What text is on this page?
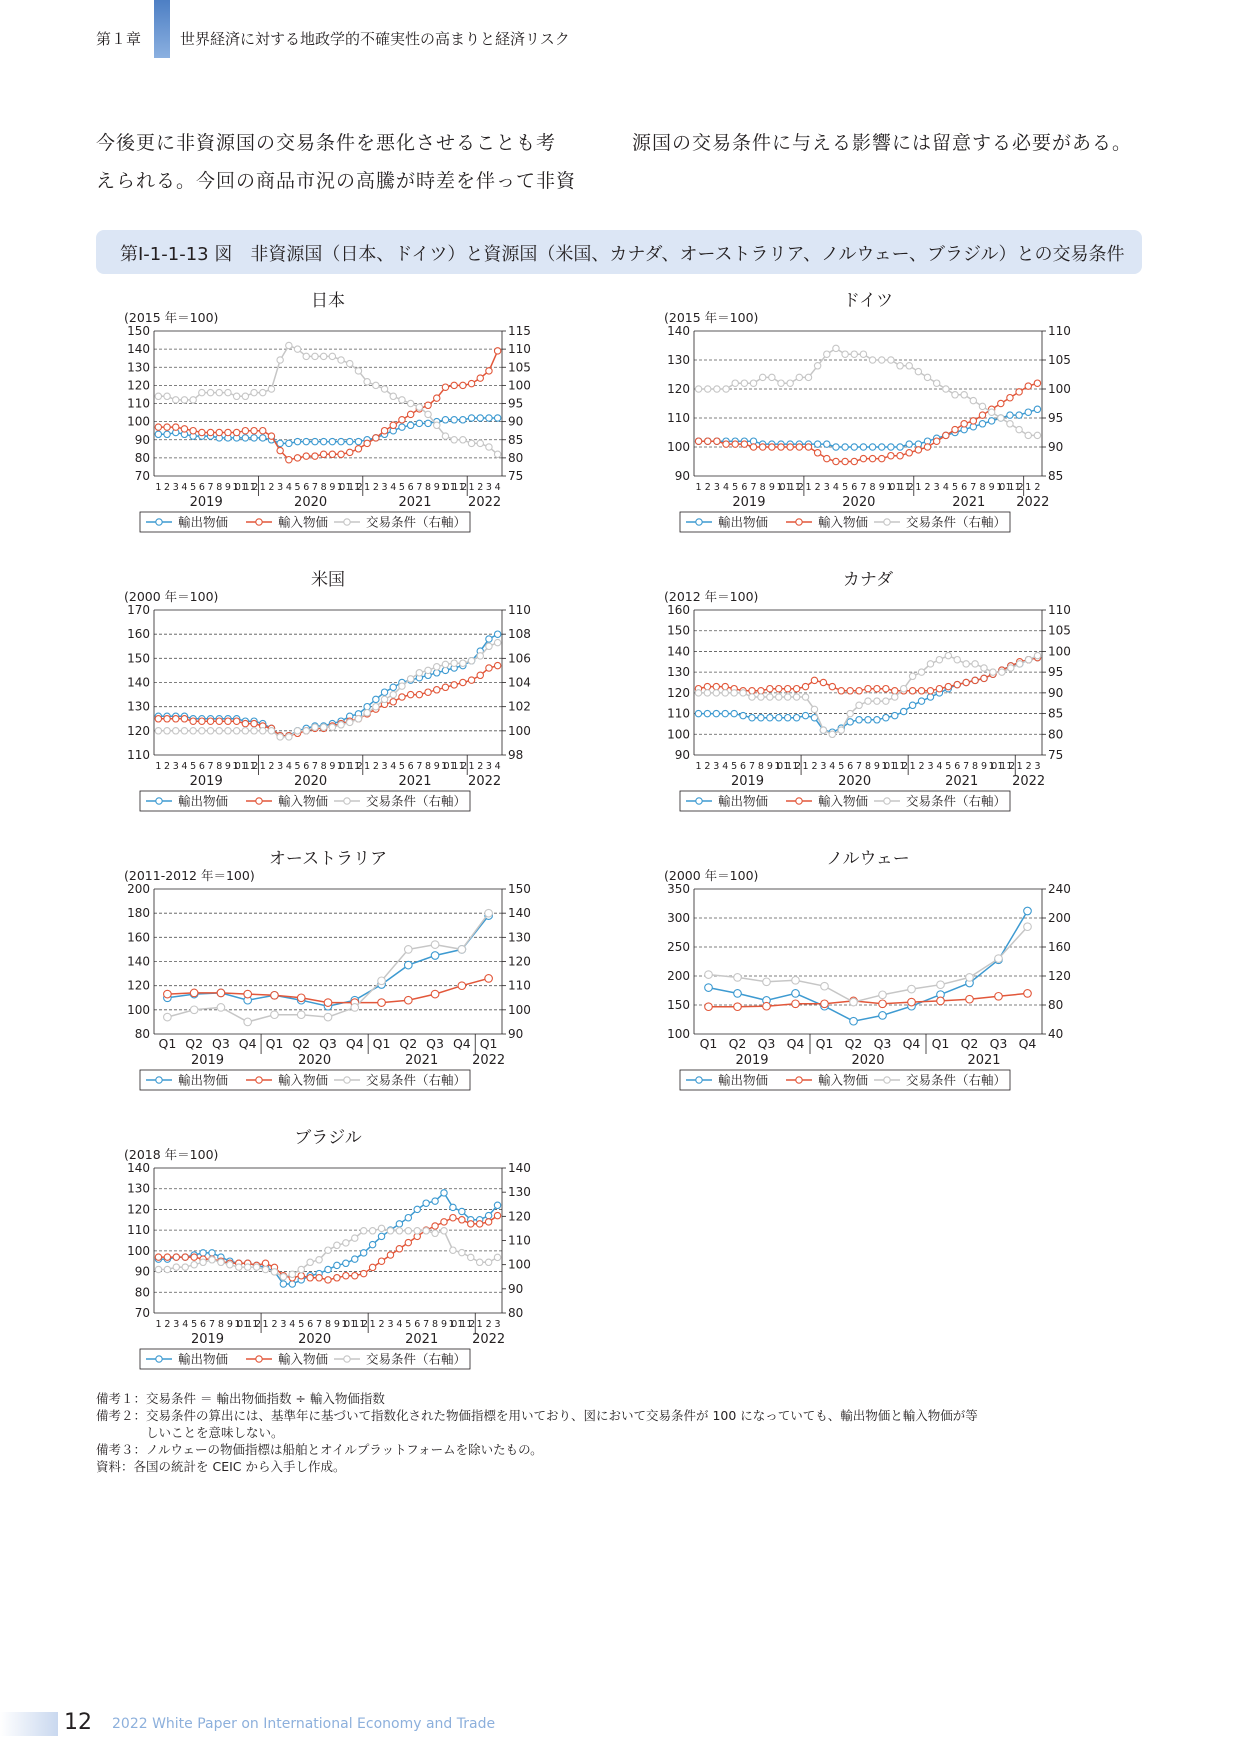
第１章	世界経済に対する地政学的不確実性の高まりと経済リスク
今後更に非資源国の交易条件を悪化させることも考
えられる。今回の商品市況の高騰が時差を伴って非資
源国の交易条件に与える影響には留意する必要がある。
第Ⅰ-1-1-13 図　非資源国（日本、ドイツ）と資源国（米国、カナダ、オーストラリア、ノルウェー、ブラジル）との交易条件
日本
(2015 年＝100)
150
140
130
120
110
100
90
80
70
115
110
105
100
95
90
85
80
75
1 2 3 4 5 6 7 8 9 10 11 12 1 2 3 4 5 6 7 8 9 10 11 12 1 2 3 4 5 6 7 8 9 10 11 12 1 2 3 4
2019	2020	2021	2022
輸出物価	輸入物価	交易条件（右軸）
ドイツ
(2015 年＝100)
140
130
120
110
100
90
110
105
100
95
90
85
1 2 3 4 5 6 7 8 9 10 11 12 1 2 3 4 5 6 7 8 9 10 11 12 1 2 3 4 5 6 7 8 9 10 11 12 1 2
2019	2020	2021 2022
輸出物価	輸入物価	交易条件（右軸）
米国
(2000 年＝100)
170
160
150
140
130
120
110
110
108
106
104
102
100
98
1 2 3 4 5 6 7 8 9 10 11 12 1 2 3 4 5 6 7 8 9 10 11 12 1 2 3 4 5 6 7 8 9 10 11 12 1 2 3 4
2019	2020	2021	2022
輸出物価	輸入物価	交易条件（右軸）
カナダ
(2012 年＝100)
160
150
140
130
120
110
100
90
110
105
100
95
90
85
80
75
1 2 3 4 5 6 7 8 9 10 11 12 1 2 3 4 5 6 7 8 9 10 11 12 1 2 3 4 5 6 7 8 9 10 11 12 1 2 3
2019	2020	2021	2022
輸出物価	輸入物価	交易条件（右軸）
オーストラリア
(2011-2012 年＝100)
200
180
160
140
120
100
80
150
140
130
120
110
100
90
Q1 Q2 Q3 Q4 Q1 Q2 Q3 Q4 Q1 Q2 Q3 Q4 Q1
2019	2020	2021	2022
輸出物価	輸入物価	交易条件（右軸）
ノルウェー
(2000 年＝100)
350
300
250
200
150
100
240
200
160
120
80
40
Q1 Q2 Q3 Q4 Q1 Q2 Q3 Q4 Q1 Q2 Q3 Q4
2019	2020	2021
輸出物価	輸入物価	交易条件（右軸）
ブラジル
(2018 年＝100)
140
130
120
110
100
90
80
70
140
130
120
110
100
90
80
1 2 3 4 5 6 7 8 9 10 11 12 1 2 3 4 5 6 7 8 9 10 11 12 1 2 3 4 5 6 7 8 9 10 11 12 1 2 3
2019	2020	2021	2022
輸出物価	輸入物価	交易条件（右軸）
備考１：交易条件 ＝ 輸出物価指数 ÷ 輸入物価指数
備考２：交易条件の算出には、基準年に基づいて指数化された物価指標を用いており、図において交易条件が 100 になっていても、輸出物価と輸入物価が等
　　　　しいことを意味しない。
備考３：ノルウェーの物価指標は船舶とオイルプラットフォームを除いたもの。
資料：各国の統計を CEIC から入手し作成。
12 2022 White Paper on International Economy and Trade
